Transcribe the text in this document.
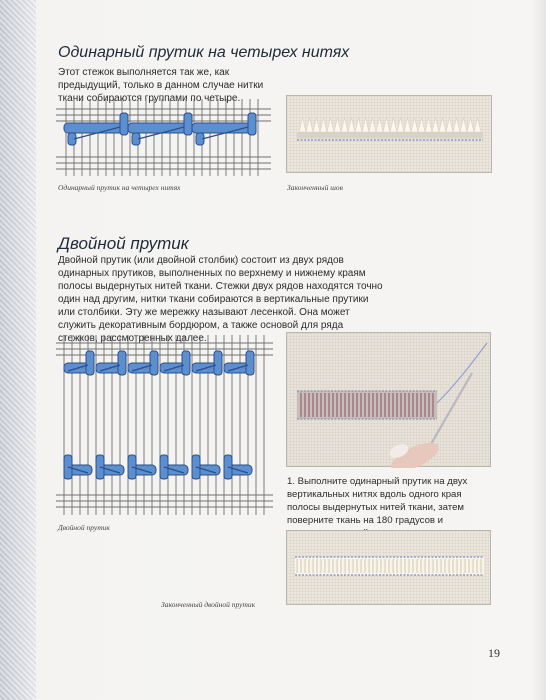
Одинарный прутик на четырех нитях

Этот стежок выполняется так же, как предыдущий, только в данном случае нитки ткани собираются группами по четыре.

Одинарный прутик на четырех нитях	Законченный шов

Двойной прутик

Двойной прутик (или двойной столбик) состоит из двух рядов одинарных прутиков, выполненных по верхнему и нижнему краям полосы выдернутых нитей ткани. Стежки двух рядов находятся точно один над другим, нитки ткани собираются в вертикальные прутики или столбики. Эту же мережку называют лесенкой. Она может служить декоративным бордюром, а также основой для ряда стежков, рассмотренных далее.

Двойной прутик

1. Выполните одинарный прутик на двух вертикальных нитях вдоль одного края полосы выдернутых нитей ткани, затем поверните ткань на 180 градусов и

Законченный двойной прутик

19
